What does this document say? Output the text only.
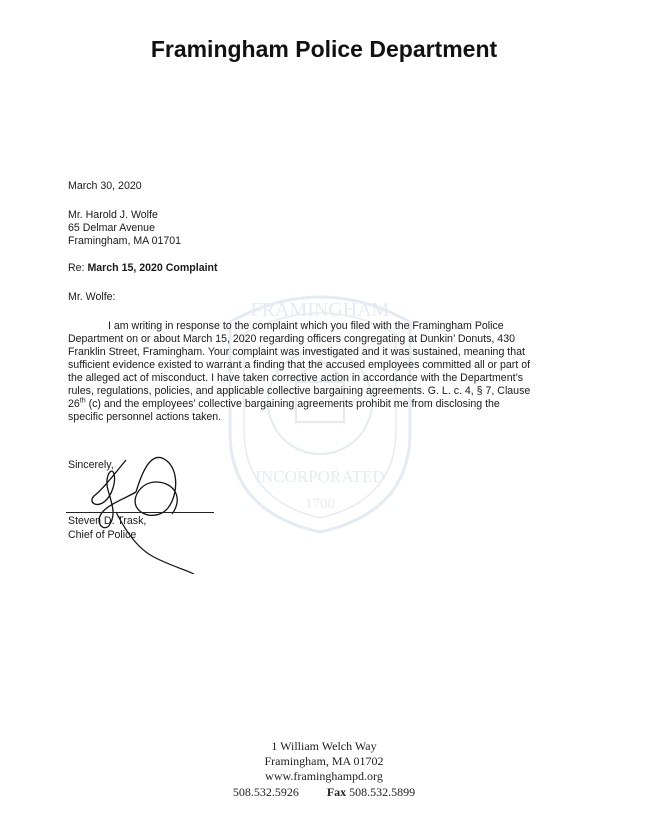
Framingham Police Department
FRAMINGHAM
INCORPORATED
1700
March 30, 2020
Mr. Harold J. Wolfe
65 Delmar Avenue
Framingham, MA 01701
Re: March 15, 2020 Complaint
Mr. Wolfe:
I am writing in response to the complaint which you filed with the Framingham Police Department on or about March 15, 2020 regarding officers congregating at Dunkin’ Donuts, 430 Franklin Street, Framingham. Your complaint was investigated and it was sustained, meaning that sufficient evidence existed to warrant a finding that the accused employees committed all or part of the alleged act of misconduct. I have taken corrective action in accordance with the Department’s rules, regulations, policies, and applicable collective bargaining agreements. G. L. c. 4, § 7, Clause 26th (c) and the employees’ collective bargaining agreements prohibit me from disclosing the specific personnel actions taken.
Sincerely,
Steven D. Trask,
Chief of Police
1 William Welch Way
Framingham, MA 01702
www.framinghampd.org
508.532.5926 Fax 508.532.5899
